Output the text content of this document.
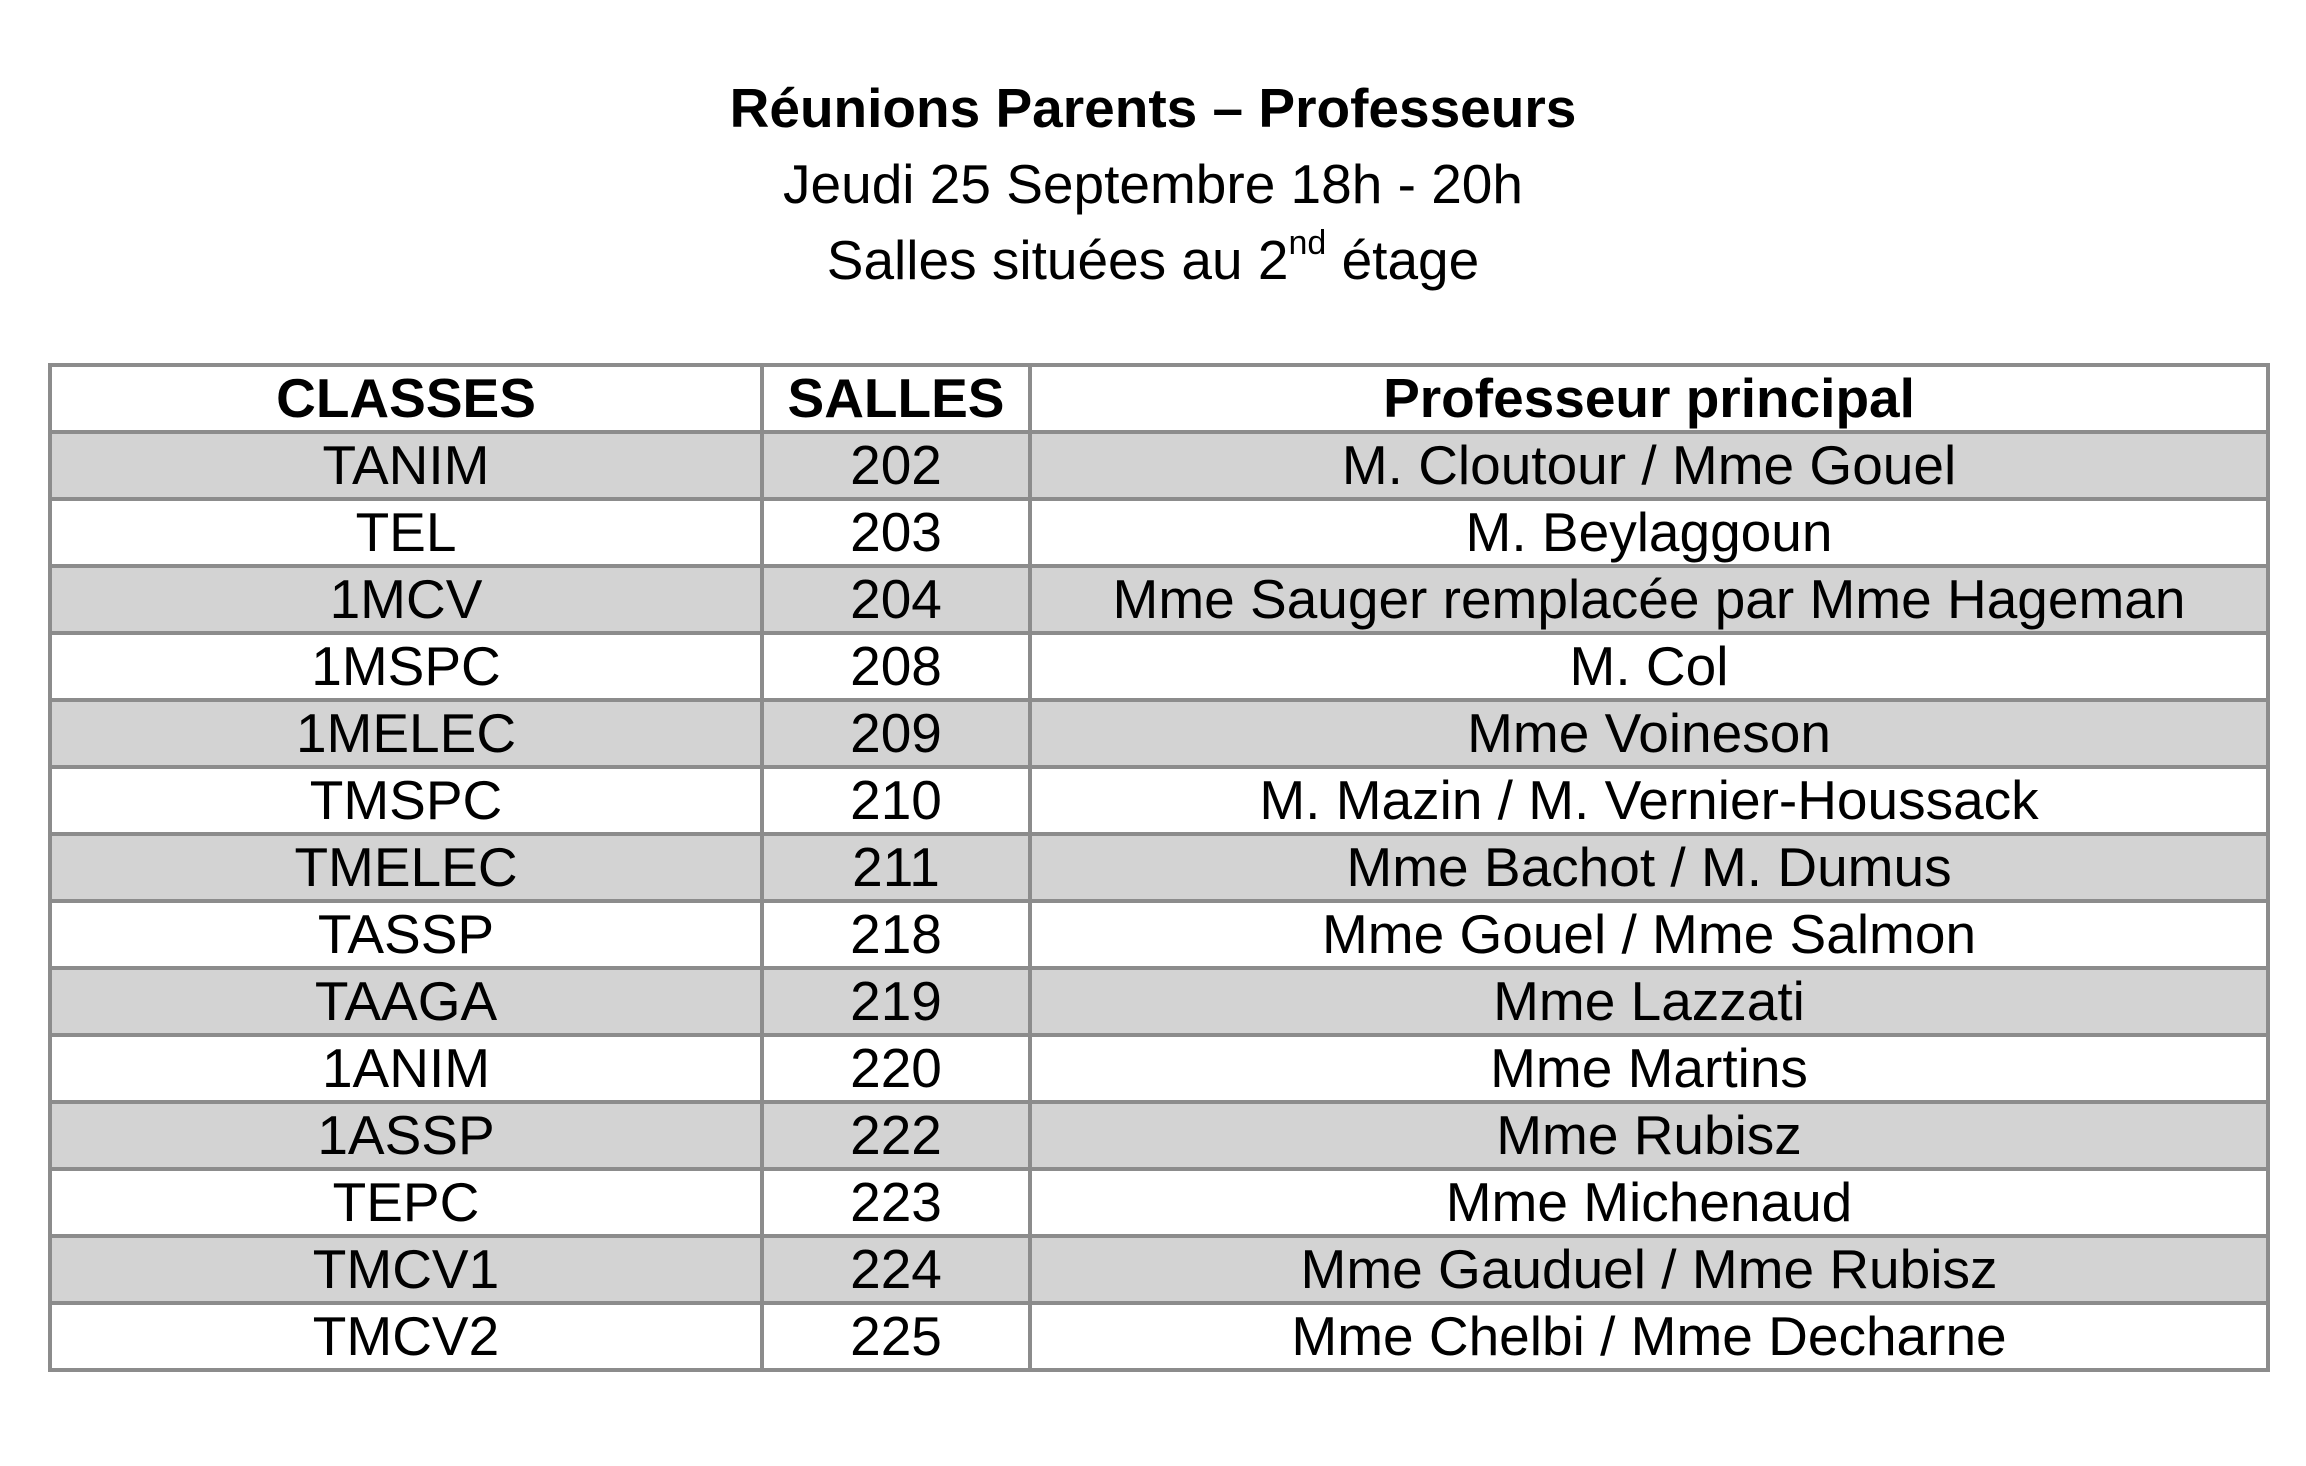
Réunions Parents – Professeurs
Jeudi 25 Septembre 18h - 20h
Salles situées au 2nd étage
CLASSES	SALLES	Professeur principal
TANIM	202	M. Cloutour / Mme Gouel
TEL	203	M. Beylaggoun
1MCV	204	Mme Sauger remplacée par Mme Hageman
1MSPC	208	M. Col
1MELEC	209	Mme Voineson
TMSPC	210	M. Mazin / M. Vernier-Houssack
TMELEC	211	Mme Bachot / M. Dumus
TASSP	218	Mme Gouel / Mme Salmon
TAAGA	219	Mme Lazzati
1ANIM	220	Mme Martins
1ASSP	222	Mme Rubisz
TEPC	223	Mme Michenaud
TMCV1	224	Mme Gauduel / Mme Rubisz
TMCV2	225	Mme Chelbi / Mme Decharne
